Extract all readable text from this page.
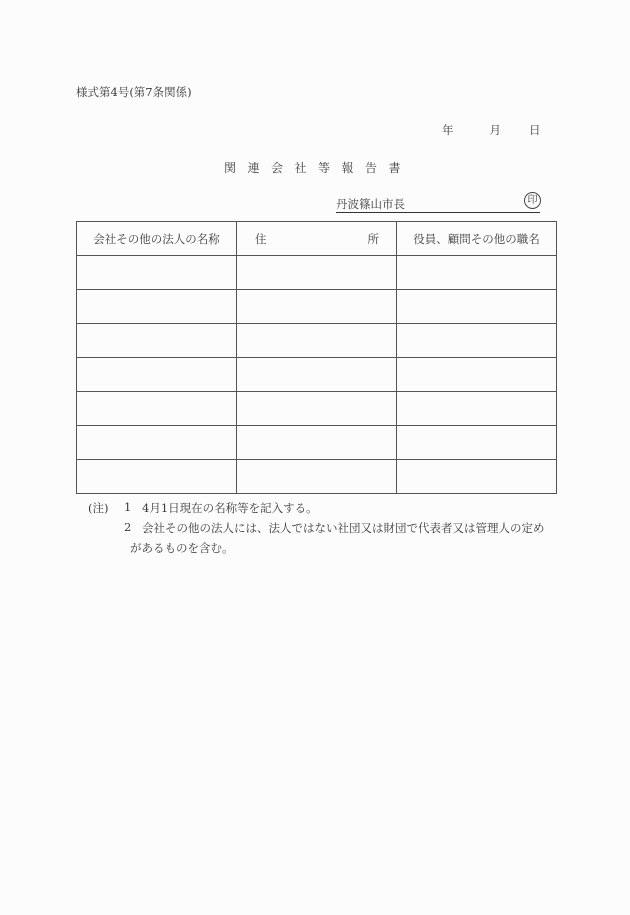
様式第4号(第7条関係)
年	月 日
関連会社等報告書
丹波篠山市長	印
会社その他の法人の名称	住 所	役員、顧問その他の職名

(注) 1 4月1日現在の名称等を記入する。
2 会社その他の法人には、法人ではない社団又は財団で代表者又は管理人の定め
があるものを含む。
